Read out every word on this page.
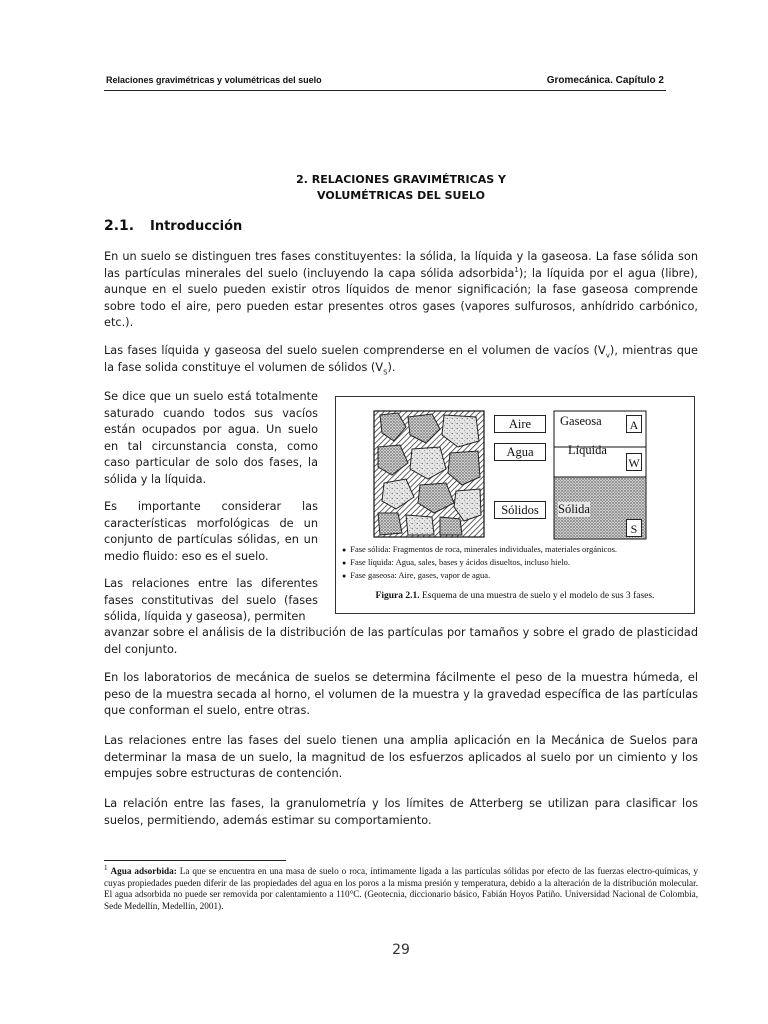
Relaciones gravimétricas y volumétricas del suelo	Gromecánica. Capítulo 2
2. RELACIONES GRAVIMÉTRICAS Y
VOLUMÉTRICAS DEL SUELO
2.1. Introducción

En un suelo se distinguen tres fases constituyentes: la sólida, la líquida y la gaseosa. La fase sólida son las partículas minerales del suelo (incluyendo la capa sólida adsorbida$^1$); la líquida por el agua (libre), aunque en el suelo pueden existir otros líquidos de menor significación; la fase gaseosa comprende sobre todo el aire, pero pueden estar presentes otros gases (vapores sulfurosos, anhídrido carbónico, etc.).

Las fases líquida y gaseosa del suelo suelen comprenderse en el volumen de vacíos $(V_v)$, mientras que la fase solida constituye el volumen de sólidos $(V_S)$.

Se dice que un suelo está totalmente saturado cuando todos sus vacíos están ocupados por agua. Un suelo en tal circunstancia consta, como caso particular de solo dos fases, la sólida y la líquida.

Es importante considerar las características morfológicas de un conjunto de partículas sólidas, en un medio fluido: eso es el suelo.

Las relaciones entre las diferentes fases constitutivas del suelo (fases sólida, líquida y gaseosa), permiten

avanzar sobre el análisis de la distribución de las partículas por tamaños y sobre el grado de plasticidad del conjunto.

En los laboratorios de mecánica de suelos se determina fácilmente el peso de la muestra húmeda, el peso de la muestra secada al horno, el volumen de la muestra y la gravedad específica de las partículas que conforman el suelo, entre otras.

Las relaciones entre las fases del suelo tienen una amplia aplicación en la Mecánica de Suelos para determinar la masa de un suelo, la magnitud de los esfuerzos aplicados al suelo por un cimiento y los empujes sobre estructuras de contención.

La relación entre las fases, la granulometría y los límites de Atterberg se utilizan para clasificar los suelos, permitiendo, además estimar su comportamiento.

Aire
Agua
Sólidos
Gaseosa
Líquida
Sólida
A
W
S
● Fase sólida: Fragmentos de roca, minerales individuales, materiales orgánicos.
● Fase líquida: Agua, sales, bases y ácidos disueltos, incluso hielo.
● Fase gaseosa: Aire, gases, vapor de agua.
Figura 2.1. Esquema de una muestra de suelo y el modelo de sus 3 fases.

$^1$ Agua adsorbida: La que se encuentra en una masa de suelo o roca, íntimamente ligada a las partículas sólidas por efecto de las fuerzas electro-químicas, y cuyas propiedades pueden diferir de las propiedades del agua en los poros a la misma presión y temperatura, debido a la alteración de la distribución molecular. El agua adsorbida no puede ser removida por calentamiento a 110°C. (Geotecnia, diccionario básico, Fabián Hoyos Patiño. Universidad Nacional de Colombia, Sede Medellín, Medellín, 2001).

29
